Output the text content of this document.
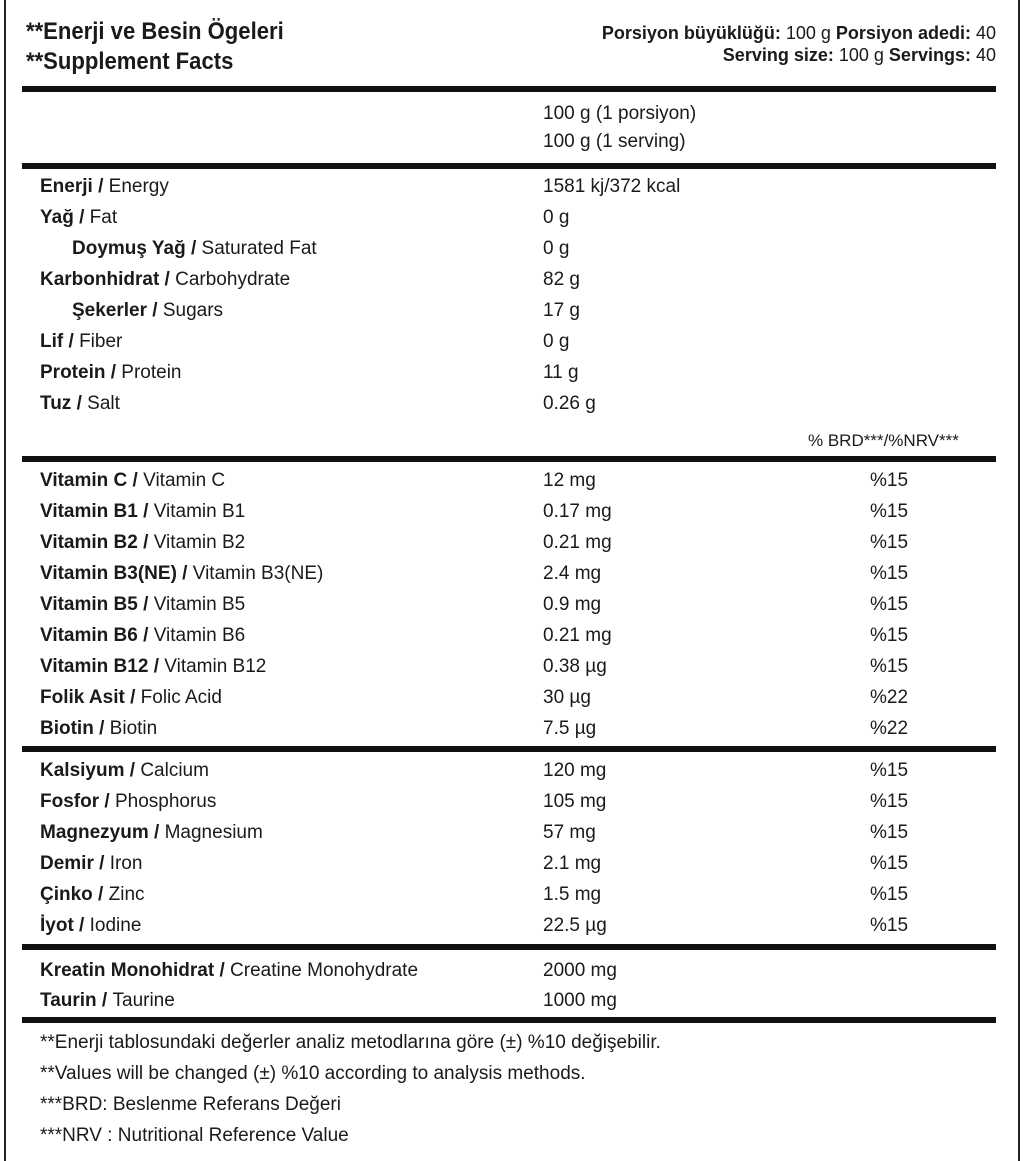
**Enerji ve Besin Ögeleri
**Supplement Facts
Porsiyon büyüklüğü: 100 g Porsiyon adedi: 40
Serving size: 100 g Servings: 40
100 g (1 porsiyon)
100 g (1 serving)
Enerji / Energy	1581 kj/372 kcal
Yağ / Fat	0 g
Doymuş Yağ / Saturated Fat	0 g
Karbonhidrat / Carbohydrate	82 g
Şekerler / Sugars	17 g
Lif / Fiber	0 g
Protein / Protein	11 g
Tuz / Salt	0.26 g
% BRD***/%NRV***
Vitamin C / Vitamin C	12 mg	%15
Vitamin B1 / Vitamin B1	0.17 mg	%15
Vitamin B2 / Vitamin B2	0.21 mg	%15
Vitamin B3(NE) / Vitamin B3(NE)	2.4 mg	%15
Vitamin B5 / Vitamin B5	0.9 mg	%15
Vitamin B6 / Vitamin B6	0.21 mg	%15
Vitamin B12 / Vitamin B12	0.38 µg	%15
Folik Asit / Folic Acid	30 µg	%22
Biotin / Biotin	7.5 µg	%22
Kalsiyum / Calcium	120 mg	%15
Fosfor / Phosphorus	105 mg	%15
Magnezyum / Magnesium	57 mg	%15
Demir / Iron	2.1 mg	%15
Çinko / Zinc	1.5 mg	%15
İyot / Iodine	22.5 µg	%15
Kreatin Monohidrat / Creatine Monohydrate	2000 mg
Taurin / Taurine	1000 mg
**Enerji tablosundaki değerler analiz metodlarına göre (±) %10 değişebilir.
**Values will be changed (±) %10 according to analysis methods.
***BRD: Beslenme Referans Değeri
***NRV : Nutritional Reference Value
